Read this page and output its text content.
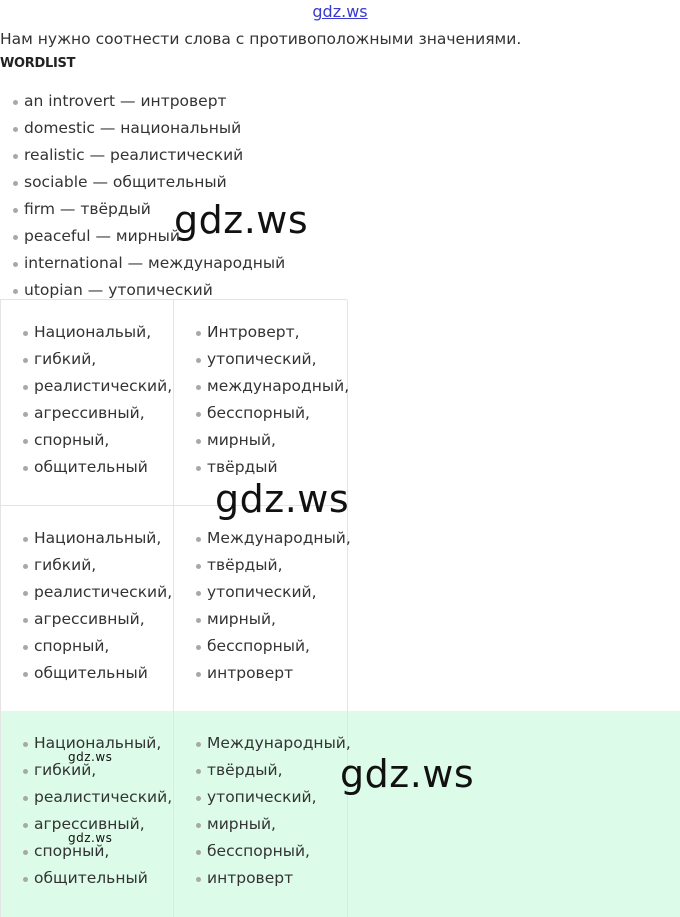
gdz.ws
Нам нужно соотнести слова с противоположными значениями.
WORDLIST
an introvert — интроверт
domestic — национальный
realistic — реалистический
sociable — общительный
firm — твёрдый
peaceful — мирный
international — международный
utopian — утопический
Национальый,
гибкий,
реалистический,
агрессивный,
спорный,
общительный
Интроверт,
утопический,
международный,
бесспорный,
мирный,
твёрдый
Национальный,
гибкий,
реалистический,
агрессивный,
спорный,
общительный
Международный,
твёрдый,
утопический,
мирный,
бесспорный,
интроверт
Национальный,
гибкий,
реалистический,
агрессивный,
спорный,
общительный
Международный,
твёрдый,
утопический,
мирный,
бесспорный,
интроверт
gdz.ws
gdz.ws
gdz.ws
gdz.ws
gdz.ws
